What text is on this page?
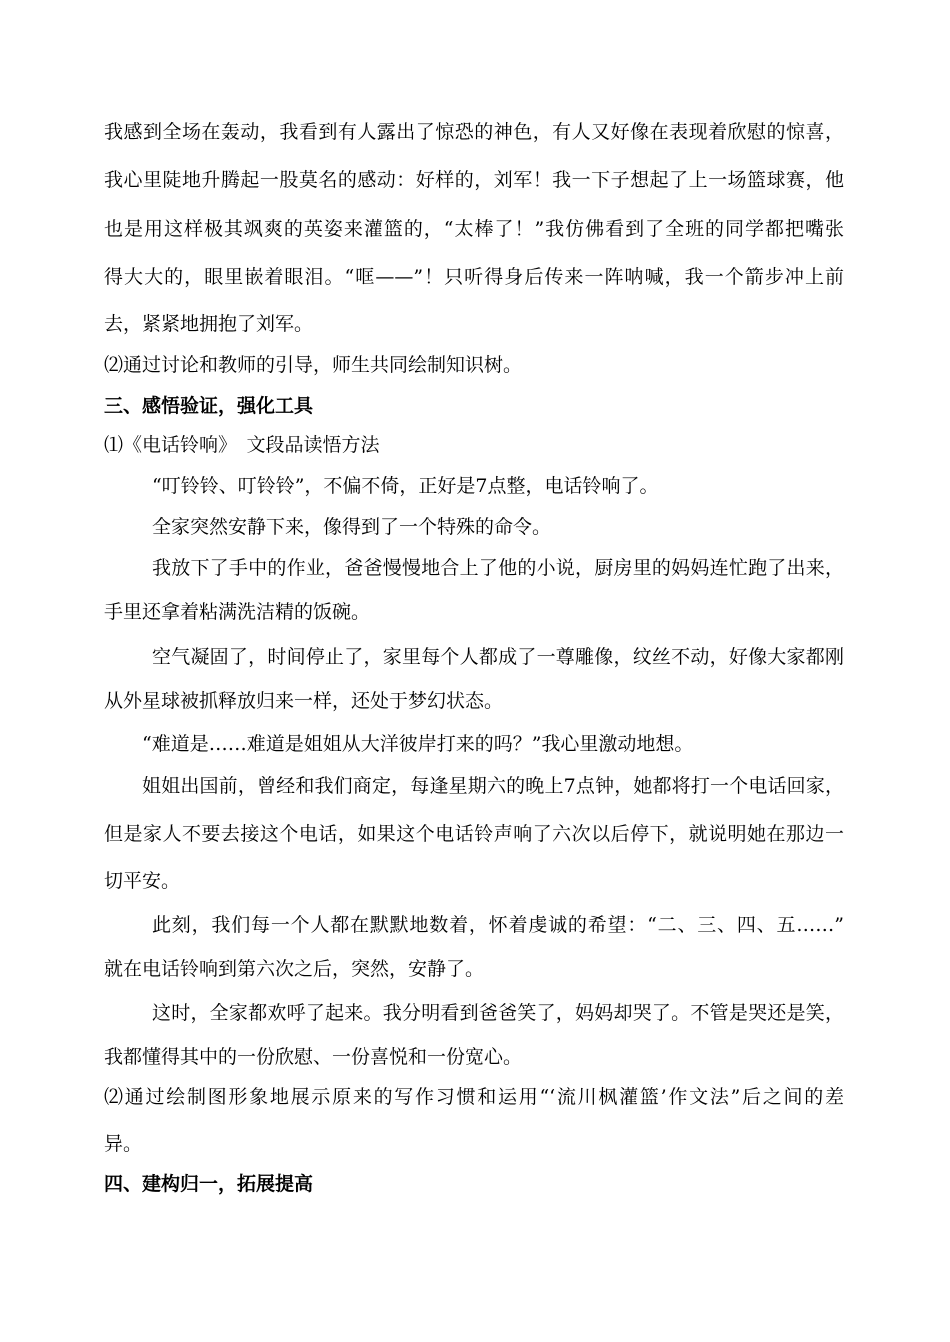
我感到全场在轰动，我看到有人露出了惊恐的神色，有人又好像在表现着欣慰的惊喜，
我心里陡地升腾起一股莫名的感动：好样的，刘军！我一下子想起了上一场篮球赛，他
也是用这样极其飒爽的英姿来灌篮的，“太棒了！”我仿佛看到了全班的同学都把嘴张
得大大的，眼里嵌着眼泪。“哐——”！只听得身后传来一阵呐喊，我一个箭步冲上前
去，紧紧地拥抱了刘军。
⑵通过讨论和教师的引导，师生共同绘制知识树。
三、感悟验证，强化工具
⑴《电话铃响》　文段品读悟方法
“叮铃铃、叮铃铃”，不偏不倚，正好是7点整，电话铃响了。
全家突然安静下来，像得到了一个特殊的命令。
我放下了手中的作业，爸爸慢慢地合上了他的小说，厨房里的妈妈连忙跑了出来，
手里还拿着粘满洗洁精的饭碗。
空气凝固了，时间停止了，家里每个人都成了一尊雕像，纹丝不动，好像大家都刚
从外星球被抓释放归来一样，还处于梦幻状态。
“难道是……难道是姐姐从大洋彼岸打来的吗？”我心里激动地想。
姐姐出国前，曾经和我们商定，每逢星期六的晚上7点钟，她都将打一个电话回家，
但是家人不要去接这个电话，如果这个电话铃声响了六次以后停下，就说明她在那边一
切平安。
此刻，我们每一个人都在默默地数着，怀着虔诚的希望：“二、三、四、五……”
就在电话铃响到第六次之后，突然，安静了。
这时，全家都欢呼了起来。我分明看到爸爸笑了，妈妈却哭了。不管是哭还是笑，
我都懂得其中的一份欣慰、一份喜悦和一份宽心。
⑵通过绘制图形象地展示原来的写作习惯和运用“‘流川枫灌篮’作文法”后之间的差
异。
四、建构归一，拓展提高
